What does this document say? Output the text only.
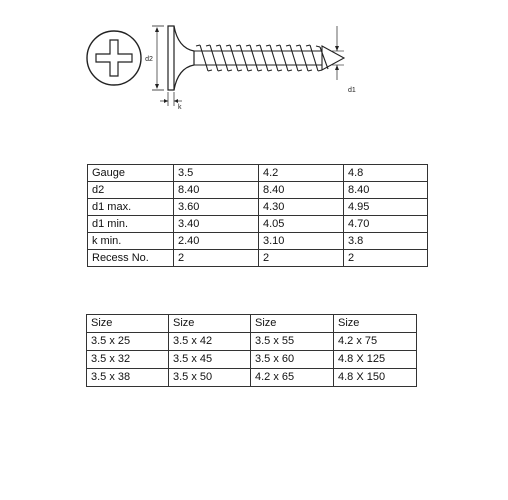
d2
d1
k
Gauge	3.5	4.2	4.8
d2	8.40	8.40	8.40
d1 max.	3.60	4.30	4.95
d1 min.	3.40	4.05	4.70
k min.	2.40	3.10	3.8
Recess No.	2	2	2
Size	Size	Size	Size
3.5 x 25	3.5 x 42	3.5 x 55	4.2 x 75
3.5 x 32	3.5 x 45	3.5 x 60	4.8 X 125
3.5 x 38	3.5 x 50	4.2 x 65	4.8 X 150
